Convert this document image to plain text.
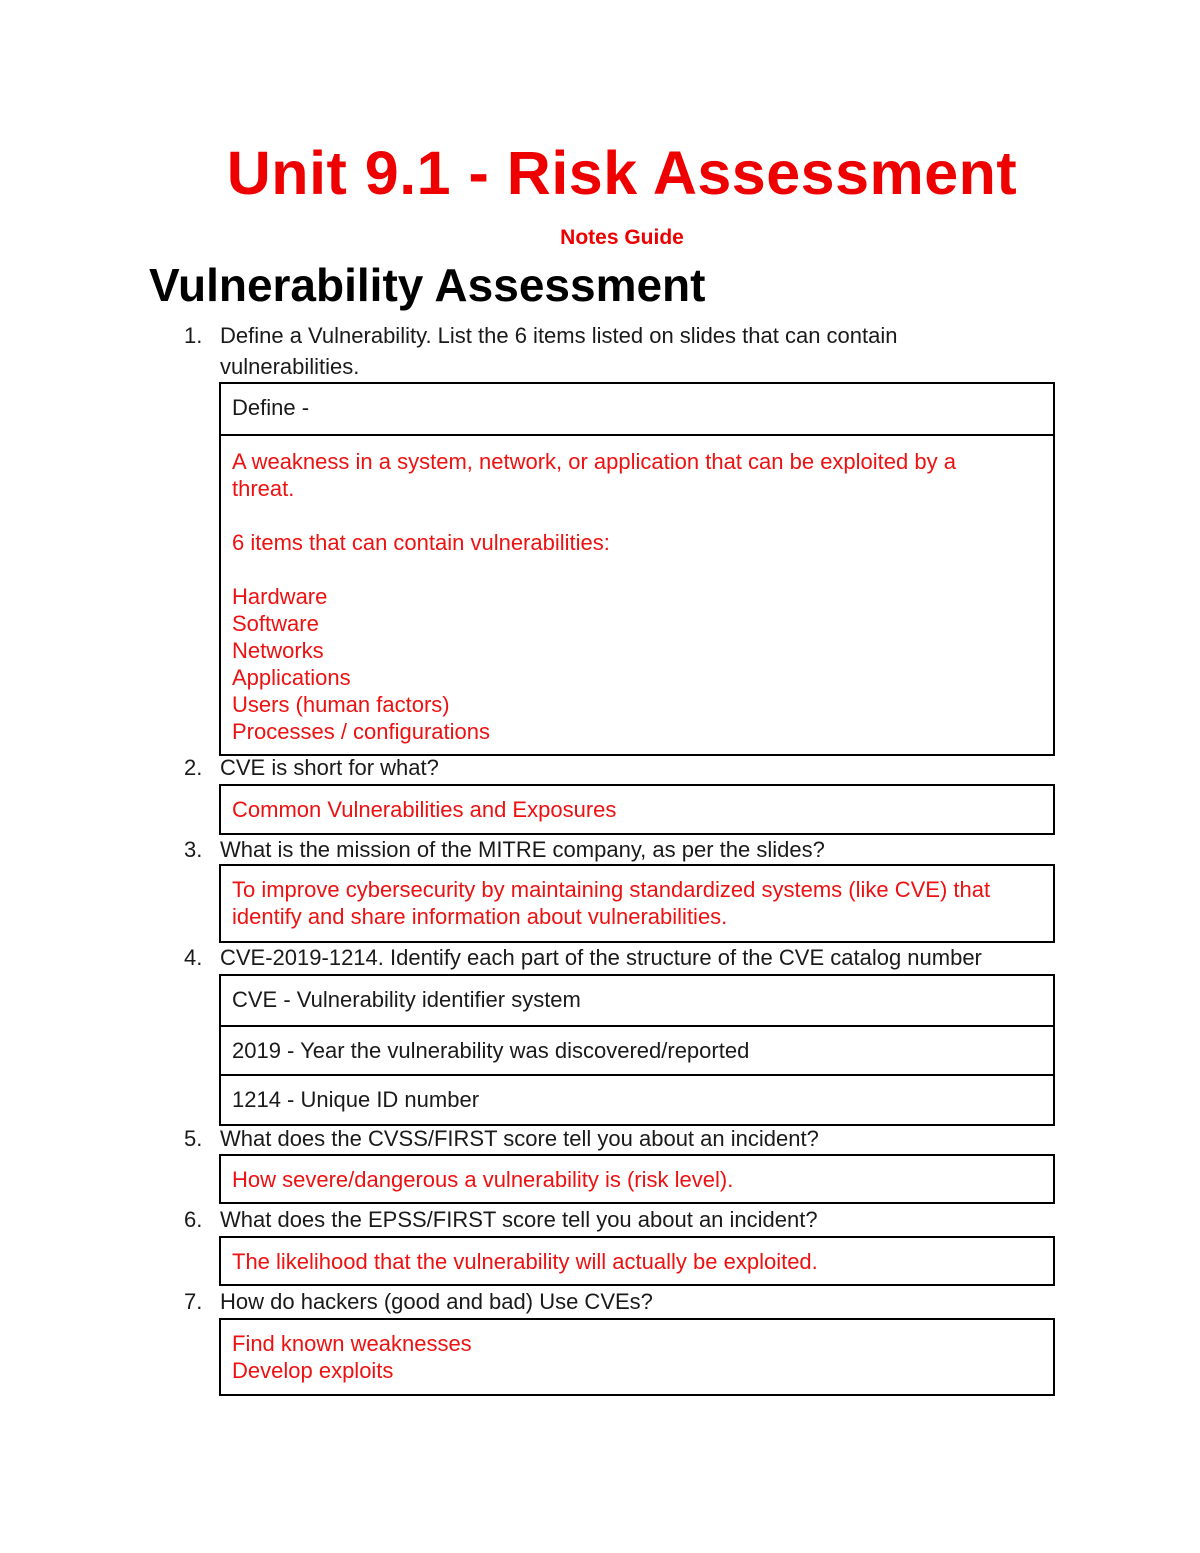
Unit 9.1 - Risk Assessment
Notes Guide
Vulnerability Assessment
1. Define a Vulnerability. List the 6 items listed on slides that can contain vulnerabilities.
Define -
A weakness in a system, network, or application that can be exploited by a threat.
6 items that can contain vulnerabilities:
Hardware
Software
Networks
Applications
Users (human factors)
Processes / configurations
2. CVE is short for what?
Common Vulnerabilities and Exposures
3. What is the mission of the MITRE company, as per the slides?
To improve cybersecurity by maintaining standardized systems (like CVE) that identify and share information about vulnerabilities.
4. CVE-2019-1214. Identify each part of the structure of the CVE catalog number
CVE - Vulnerability identifier system
2019 - Year the vulnerability was discovered/reported
1214 - Unique ID number
5. What does the CVSS/FIRST score tell you about an incident?
How severe/dangerous a vulnerability is (risk level).
6. What does the EPSS/FIRST score tell you about an incident?
The likelihood that the vulnerability will actually be exploited.
7. How do hackers (good and bad) Use CVEs?
Find known weaknesses
Develop exploits
